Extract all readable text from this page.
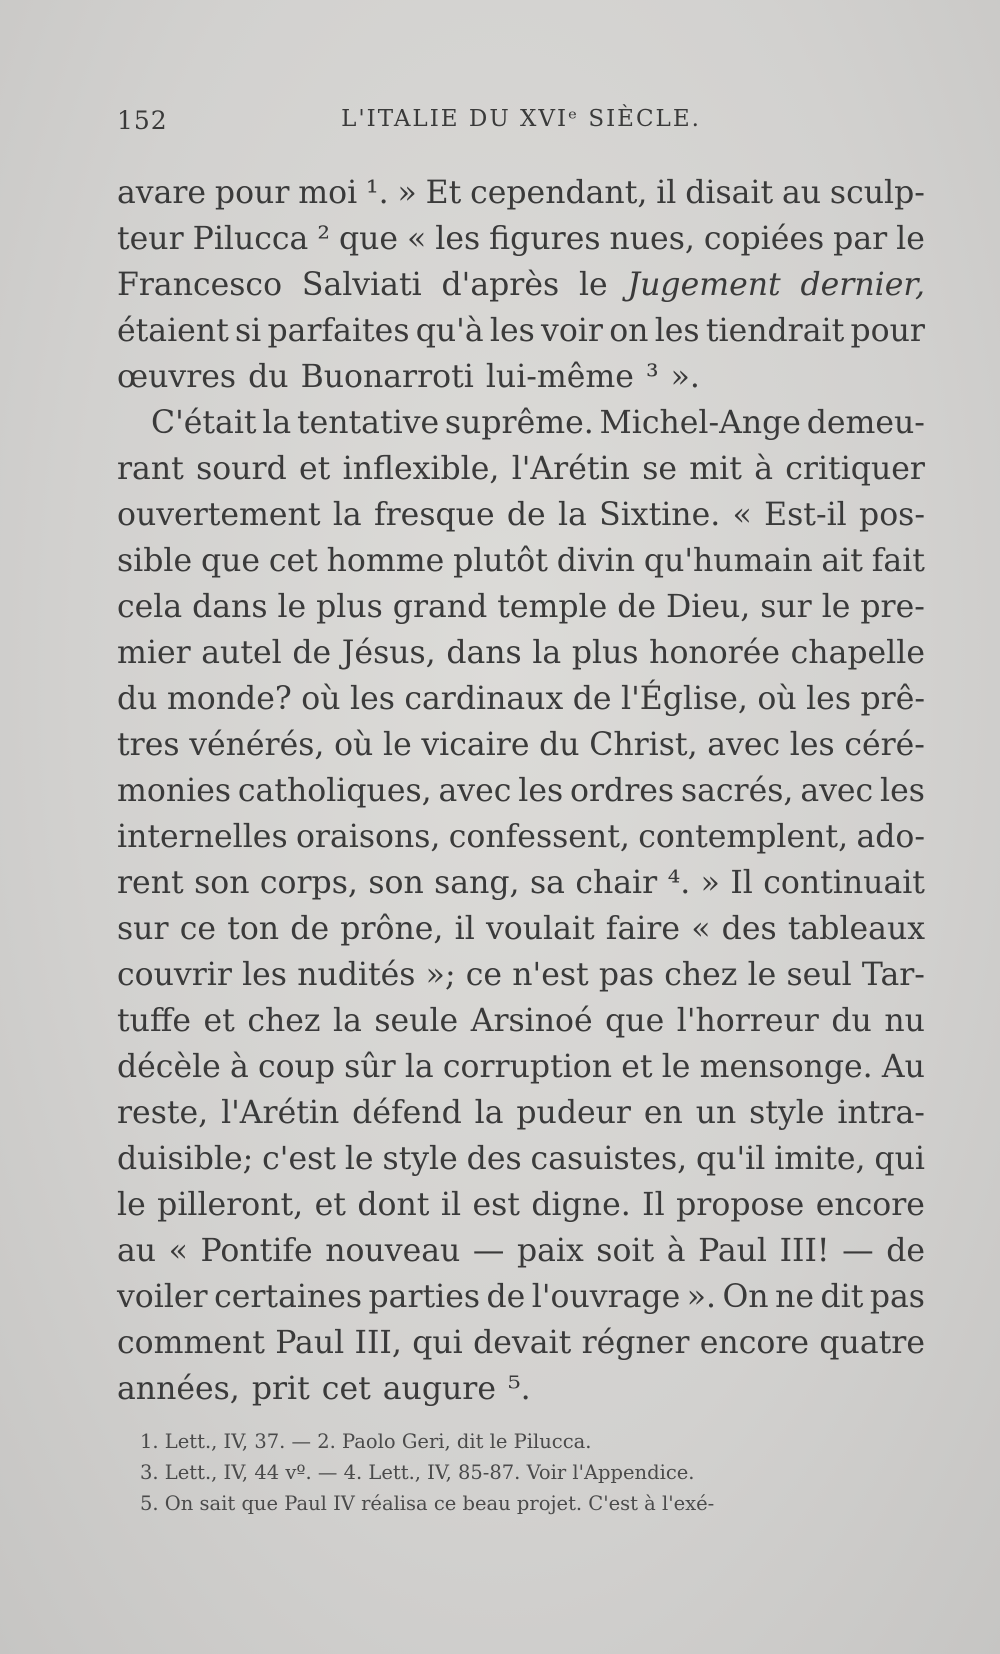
152	L'ITALIE DU XVIᵉ SIÈCLE.
avare pour moi ¹. » Et cependant, il disait au sculp-
teur Pilucca ² que « les figures nues, copiées par le
Francesco Salviati d'après le Jugement dernier,
étaient si parfaites qu'à les voir on les tiendrait pour
œuvres du Buonarroti lui-même ³ ».
C'était la tentative suprême. Michel-Ange demeu-
rant sourd et inflexible, l'Arétin se mit à critiquer
ouvertement la fresque de la Sixtine. « Est-il pos-
sible que cet homme plutôt divin qu'humain ait fait
cela dans le plus grand temple de Dieu, sur le pre-
mier autel de Jésus, dans la plus honorée chapelle
du monde? où les cardinaux de l'Église, où les prê-
tres vénérés, où le vicaire du Christ, avec les céré-
monies catholiques, avec les ordres sacrés, avec les
internelles oraisons, confessent, contemplent, ado-
rent son corps, son sang, sa chair ⁴. » Il continuait
sur ce ton de prône, il voulait faire « des tableaux
couvrir les nudités »; ce n'est pas chez le seul Tar-
tuffe et chez la seule Arsinoé que l'horreur du nu
décèle à coup sûr la corruption et le mensonge. Au
reste, l'Arétin défend la pudeur en un style intra-
duisible; c'est le style des casuistes, qu'il imite, qui
le pilleront, et dont il est digne. Il propose encore
au « Pontife nouveau — paix soit à Paul III! — de
voiler certaines parties de l'ouvrage ». On ne dit pas
comment Paul III, qui devait régner encore quatre
années, prit cet augure ⁵.
1. Lett., IV, 37. — 2. Paolo Geri, dit le Pilucca.
3. Lett., IV, 44 vº. — 4. Lett., IV, 85-87. Voir l'Appendice.
5. On sait que Paul IV réalisa ce beau projet. C'est à l'exé-
